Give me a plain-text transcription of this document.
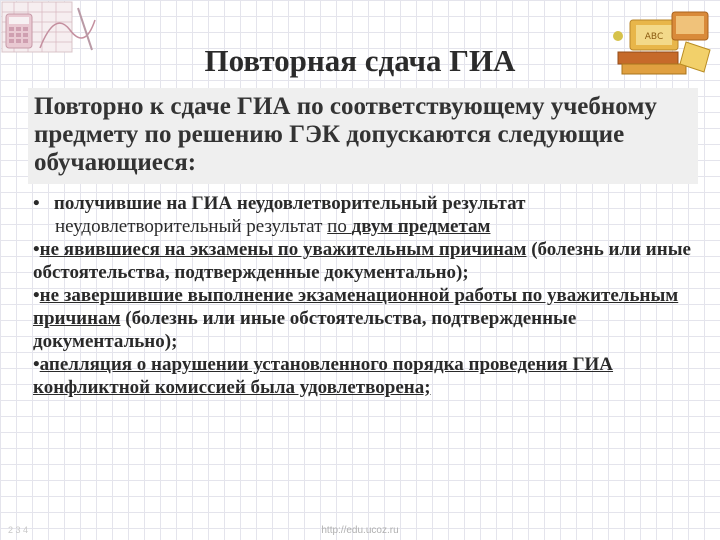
Повторная сдача ГИА
ABC

Повторно к сдаче ГИА по соответствующему учебному предмету по решению ГЭК допускаются следующие обучающиеся:

• получившие на ГИА неудовлетворительный результат
неудовлетворительный результат по двум предметам

•не явившиеся на экзамены по уважительным причинам (болезнь или иные обстоятельства, подтвержденные документально);

•не завершившие выполнение экзаменационной работы по уважительным причинам (болезнь или иные обстоятельства, подтвержденные документально);

•апелляция о нарушении установленного порядка проведения ГИА конфликтной комиссией была удовлетворена;

2 3 4	http://edu.ucoz.ru
